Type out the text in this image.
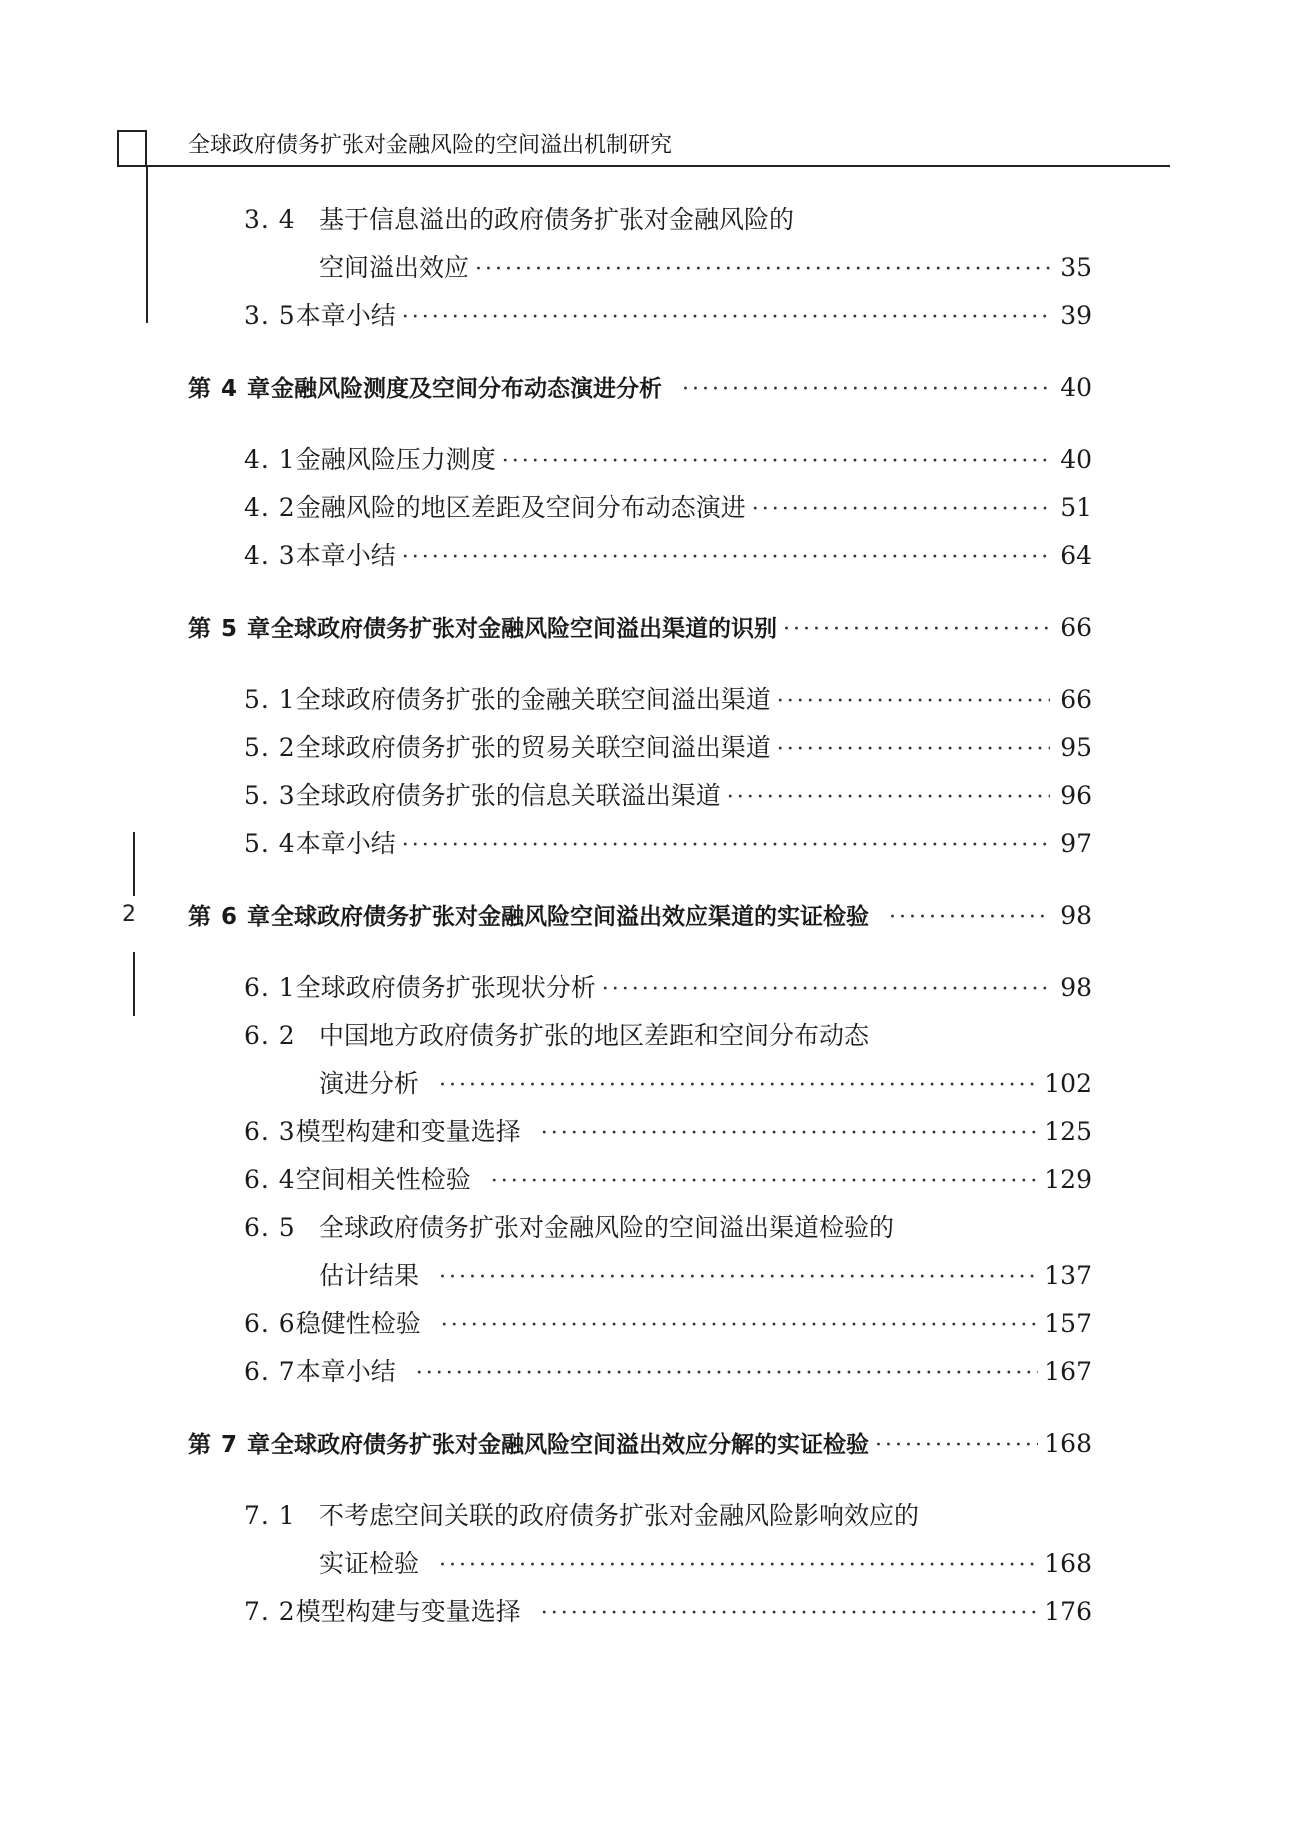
全球政府债务扩张对金融风险的空间溢出机制研究
2
3. 4 基于信息溢出的政府债务扩张对金融风险的
空间溢出效应 ·····	35
3. 5 本章小结 ·····	39
第 4 章 金融风险测度及空间分布动态演进分析 ·····	40
4. 1 金融风险压力测度 ·····	40
4. 2 金融风险的地区差距及空间分布动态演进 ·····	51
4. 3 本章小结 ·····	64
第 5 章 全球政府债务扩张对金融风险空间溢出渠道的识别 ·····	66
5. 1 全球政府债务扩张的金融关联空间溢出渠道 ·····	66
5. 2 全球政府债务扩张的贸易关联空间溢出渠道 ·····	95
5. 3 全球政府债务扩张的信息关联溢出渠道 ·····	96
5. 4 本章小结 ·····	97
第 6 章 全球政府债务扩张对金融风险空间溢出效应渠道的实证检验 ·····	98
6. 1 全球政府债务扩张现状分析 ·····	98
6. 2 中国地方政府债务扩张的地区差距和空间分布动态
演进分析 ·····	102
6. 3 模型构建和变量选择 ·····	125
6. 4 空间相关性检验 ·····	129
6. 5 全球政府债务扩张对金融风险的空间溢出渠道检验的
估计结果 ·····	137
6. 6 稳健性检验 ·····	157
6. 7 本章小结 ·····	167
第 7 章 全球政府债务扩张对金融风险空间溢出效应分解的实证检验 ·····	168
7. 1 不考虑空间关联的政府债务扩张对金融风险影响效应的
实证检验 ·····	168
7. 2 模型构建与变量选择 ·····	176
